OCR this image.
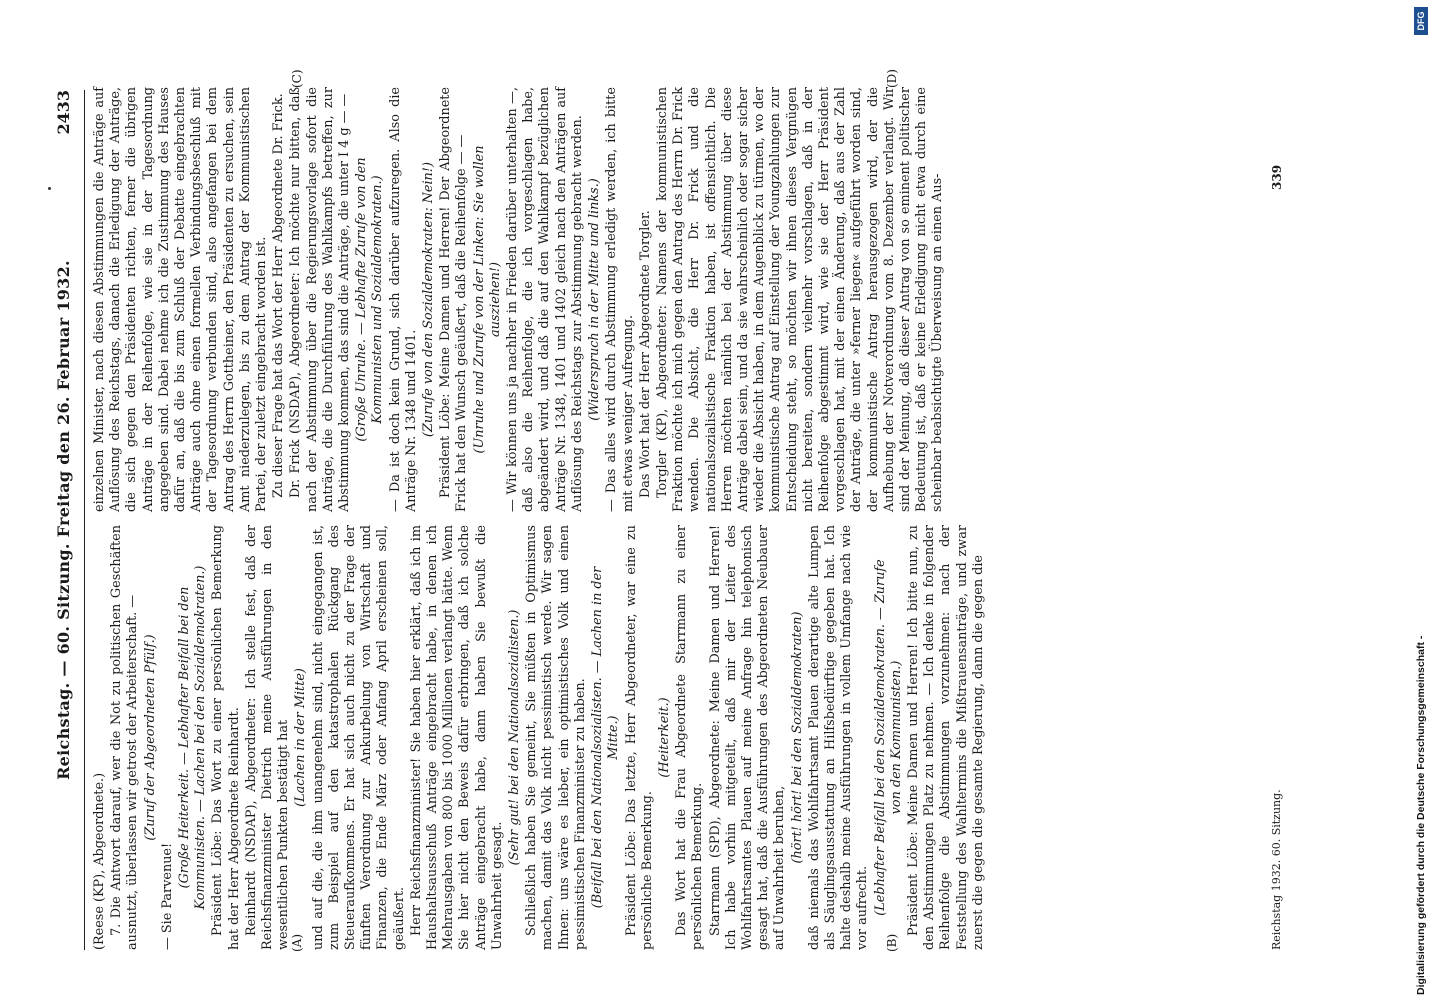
Reichstag. — 60. Sitzung. Freitag den 26. Februar 1932.
2433
(A)	(B)
(C)	(D)

(Reese (KP), Abgeordnete.) 7. Die Antwort darauf, wer die Not zu politischen Geschäften ausnutzt, überlassen wir getrost der Arbeiterschaft. — (Zuruf der Abgeordneten Pfülf.)

— Sie Parvenue!

(Große Heiterkeit. — Lebhafter Beifall bei den Kommunisten. — Lachen bei den Sozialdemokraten.) Präsident Löbe: Das Wort zu einer persönlichen Bemerkung hat der Herr Abgeordnete Reinhardt. Reinhardt (NSDAP), Abgeordneter: Ich stelle fest, daß der Reichsfinanzminister Dietrich meine Ausführungen in den wesentlichen Punkten bestätigt hat (Lachen in der Mitte) und auf die, die ihm unangenehm sind, nicht eingegangen ist, zum Beispiel auf den katastrophalen Rückgang des Steueraufkommens. Er hat sich auch nicht zu der Frage der fünften Verordnung zur Ankurbelung von Wirtschaft und Finanzen, die Ende März oder Anfang April erscheinen soll, geäußert. Herr Reichsfinanzminister! Sie haben hier erklärt, daß ich im Haushaltsausschuß Anträge eingebracht habe, in denen ich Mehrausgaben von 800 bis 1000 Millionen verlangt hätte. Wenn Sie hier nicht den Beweis dafür erbringen, daß ich solche Anträge eingebracht habe, dann haben Sie bewußt die Unwahrheit gesagt.

(Sehr gut! bei den Nationalsozialisten.) Schließlich haben Sie gemeint, Sie müßten in Optimismus machen, damit das Volk nicht pessimistisch werde. Wir sagen Ihnen: uns wäre es lieber, ein optimistisches Volk und einen pessimistischen Finanzminister zu haben. (Beifall bei den Nationalsozialisten. — Lachen in der Mitte.) Präsident Löbe: Das letzte, Herr Abgeordneter, war eine zu persönliche Bemerkung.

(Heiterkeit.) Das Wort hat die Frau Abgeordnete Starrmann zu einer persönlichen Bemerkung. Starrmann (SPD), Abgeordnete: Meine Damen und Herren! Ich habe vorhin mitgeteilt, daß mir der Leiter des Wohlfahrtsamtes Plauen auf meine Anfrage hin telephonisch gesagt hat, daß die Ausführungen des Abgeordneten Neubauer auf Unwahrheit beruhen,

(hört! hört! bei den Sozialdemokraten) daß niemals das Wohlfahrtsamt Plauen derartige alte Lumpen als Säuglingsausstattung an Hilfsbedürftige gegeben hat. Ich halte deshalb meine Ausführungen in vollem Umfange nach wie vor aufrecht. (Lebhafter Beifall bei den Sozialdemokraten. — Zurufe von den Kommunisten.) Präsident Löbe: Meine Damen und Herren! Ich bitte nun, zu den Abstimmungen Platz zu nehmen. — Ich denke in folgender Reihenfolge die Abstimmungen vorzunehmen: nach der Feststellung des Wahltermins die Mißtrauensanträge, und zwar zuerst die gegen die gesamte Regierung, dann die gegen die

einzelnen Minister, nach diesen Abstimmungen die Anträge auf Auflösung des Reichstags, danach die Erledigung der Anträge, die sich gegen den Präsidenten richten, ferner die übrigen Anträge in der Reihenfolge, wie sie in der Tagesordnung angegeben sind. Dabei nehme ich die Zustimmung des Hauses dafür an, daß die bis zum Schluß der Debatte eingebrachten Anträge auch ohne einen formellen Verbindungsbeschluß mit der Tagesordnung verbunden sind, also angefangen bei dem Antrag des Herrn Gottheiner, den Präsidenten zu ersuchen, sein Amt niederzulegen, bis zu dem Antrag der Kommunistischen Partei, der zuletzt eingebracht worden ist. Zu dieser Frage hat das Wort der Herr Abgeordnete Dr. Frick. Dr. Frick (NSDAP), Abgeordneter: Ich möchte nur bitten, daß nach der Abstimmung über die Regierungsvorlage sofort die Anträge, die die Durchführung des Wahlkampfs betreffen, zur Abstimmung kommen, das sind die Anträge, die unter I 4 g — — (Große Unruhe. — Lebhafte Zurufe von den Kommunisten und Sozialdemokraten.) — Da ist doch kein Grund, sich darüber aufzuregen. Also die Anträge Nr. 1348 und 1401. (Zurufe von den Sozialdemokraten: Nein!) Präsident Löbe: Meine Damen und Herren! Der Abgeordnete Frick hat den Wunsch geäußert, daß die Reihenfolge — — (Unruhe und Zurufe von der Linken: Sie wollen ausziehen!) — Wir können uns ja nachher in Frieden darüber unterhalten —, daß also die Reihenfolge, die ich vorgeschlagen habe, abgeändert wird, und daß die auf den Wahlkampf bezüglichen Anträge Nr. 1348, 1401 und 1402 gleich nach den Anträgen auf Auflösung des Reichstags zur Abstimmung gebracht werden. (Widerspruch in der Mitte und links.) — Das alles wird durch Abstimmung erledigt werden, ich bitte mit etwas weniger Aufregung. Das Wort hat der Herr Abgeordnete Torgler. Torgler (KP), Abgeordneter: Namens der kommunistischen Fraktion möchte ich mich gegen den Antrag des Herrn Dr. Frick wenden. Die Absicht, die Herr Dr. Frick und die nationalsozialistische Fraktion haben, ist offensichtlich. Die Herren möchten nämlich bei der Abstimmung über diese Anträge dabei sein, und da sie wahrscheinlich oder sogar sicher wieder die Absicht haben, in dem Augenblick zu türmen, wo der kommunistische Antrag auf Einstellung der Youngzahlungen zur Entscheidung steht, so möchten wir ihnen dieses Vergnügen nicht bereiten, sondern vielmehr vorschlagen, daß in der Reihenfolge abgestimmt wird, wie sie der Herr Präsident vorgeschlagen hat, mit der einen Änderung, daß aus der Zahl der Anträge, die unter »ferner liegen« aufgeführt worden sind, der kommunistische Antrag herausgezogen wird, der die Aufhebung der Notverordnung vom 8. Dezember verlangt. Wir sind der Meinung, daß dieser Antrag von so eminent politischer Bedeutung ist, daß er keine Erledigung nicht etwa durch eine scheinbar beabsichtigte Überweisung an einen Aus-

Reichstag 1932. 60. Sitzung.
339
Digitalisierung gefördert durch die Deutsche Forschungsgemeinschaft -
DFG
